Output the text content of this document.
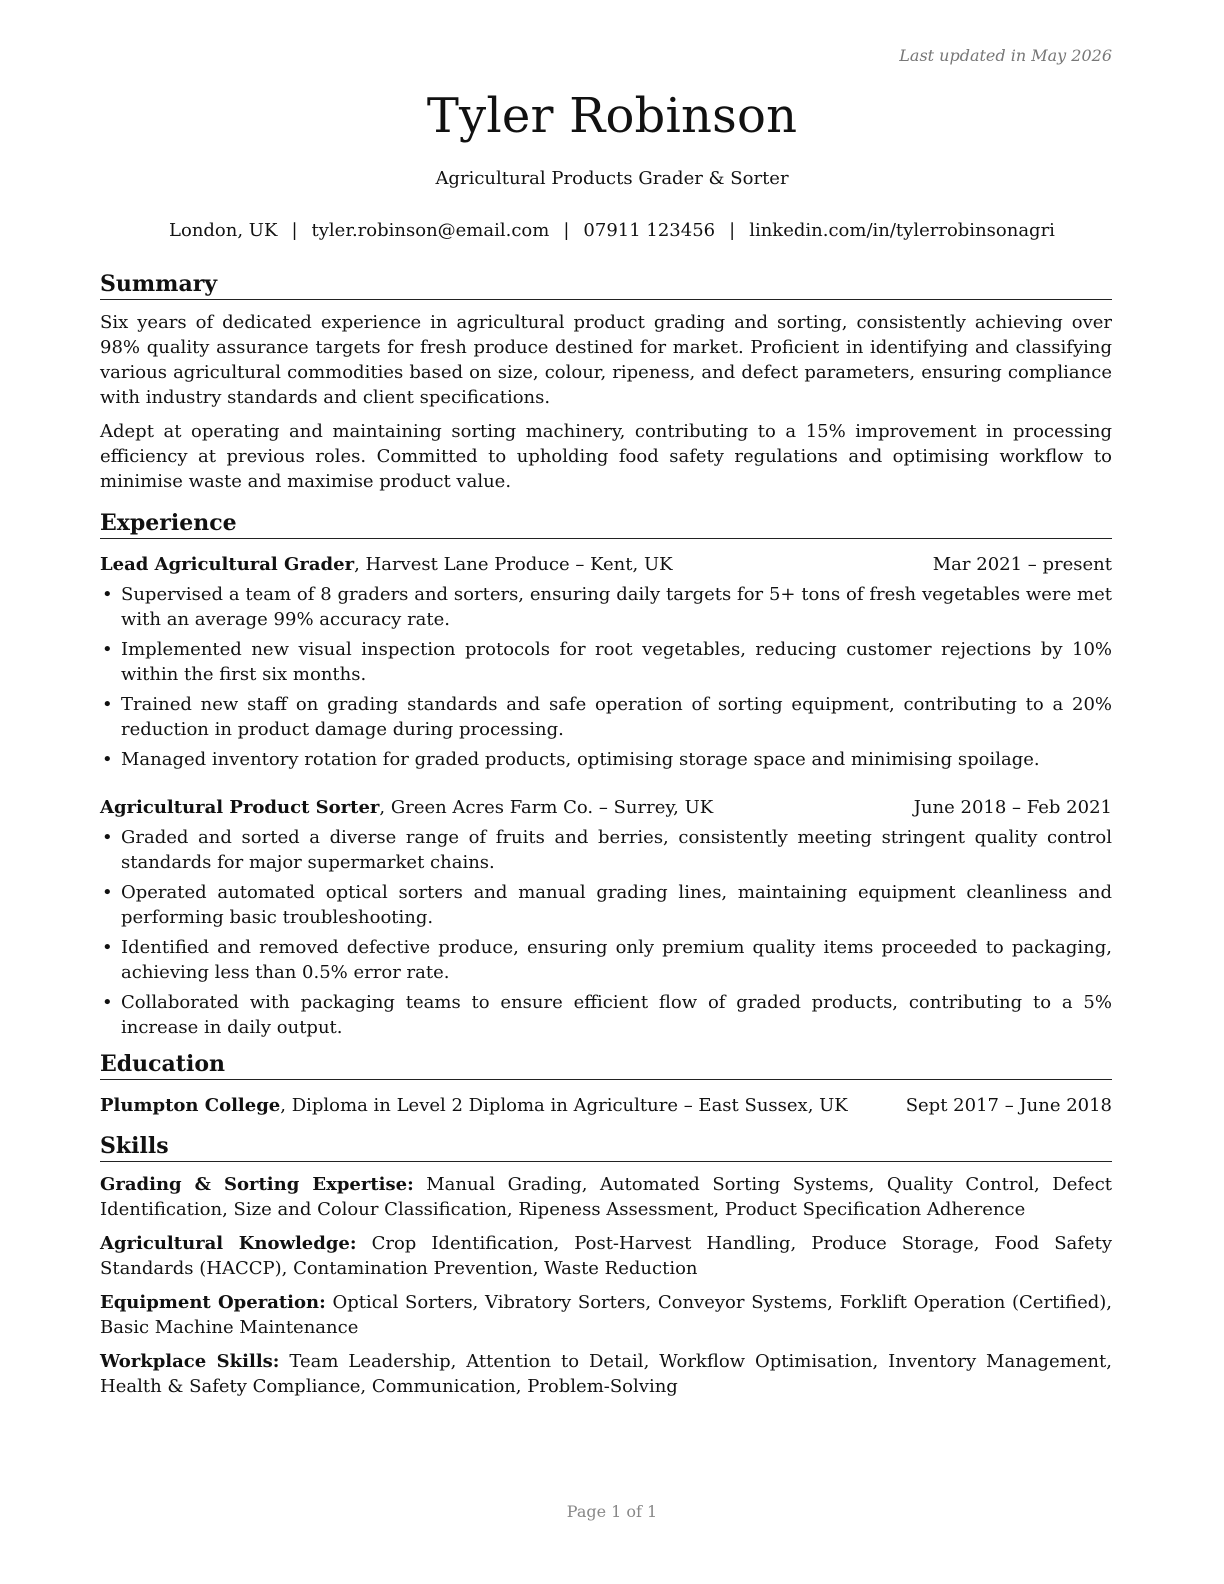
Last updated in May 2026
Tyler Robinson
Agricultural Products Grader & Sorter
London, UK | tyler.robinson@email.com | 07911 123456 | linkedin.com/in/tylerrobinsonagri
Summary

Six years of dedicated experience in agricultural product grading and sorting, consistently achieving over 98% quality assurance targets for fresh produce destined for market. Proficient in identifying and classifying various agricultural commodities based on size, colour, ripeness, and defect parameters, ensuring compliance with industry standards and client specifications.

Adept at operating and maintaining sorting machinery, contributing to a 15% improvement in processing efficiency at previous roles. Committed to upholding food safety regulations and optimising workflow to minimise waste and maximise product value.

Experience
Lead Agricultural Grader, Harvest Lane Produce – Kent, UK	Mar 2021 – present
• Supervised a team of 8 graders and sorters, ensuring daily targets for 5+ tons of fresh vegetables were met with an average 99% accuracy rate.
• Implemented new visual inspection protocols for root vegetables, reducing customer rejections by 10% within the first six months.
• Trained new staff on grading standards and safe operation of sorting equipment, contributing to a 20% reduction in product damage during processing.
• Managed inventory rotation for graded products, optimising storage space and minimising spoilage.
Agricultural Product Sorter, Green Acres Farm Co. – Surrey, UK	June 2018 – Feb 2021
• Graded and sorted a diverse range of fruits and berries, consistently meeting stringent quality control standards for major supermarket chains.
• Operated automated optical sorters and manual grading lines, maintaining equipment cleanliness and performing basic troubleshooting.
• Identified and removed defective produce, ensuring only premium quality items proceeded to packaging, achieving less than 0.5% error rate.
• Collaborated with packaging teams to ensure efficient flow of graded products, contributing to a 5% increase in daily output.
Education
Plumpton College, Diploma in Level 2 Diploma in Agriculture – East Sussex, UK	Sept 2017 – June 2018
Skills

Grading & Sorting Expertise: Manual Grading, Automated Sorting Systems, Quality Control, Defect Identification, Size and Colour Classification, Ripeness Assessment, Product Specification Adherence

Agricultural Knowledge: Crop Identification, Post-Harvest Handling, Produce Storage, Food Safety Standards (HACCP), Contamination Prevention, Waste Reduction

Equipment Operation: Optical Sorters, Vibratory Sorters, Conveyor Systems, Forklift Operation (Certified), Basic Machine Maintenance

Workplace Skills: Team Leadership, Attention to Detail, Workflow Optimisation, Inventory Management, Health & Safety Compliance, Communication, Problem-Solving

Page 1 of 1
